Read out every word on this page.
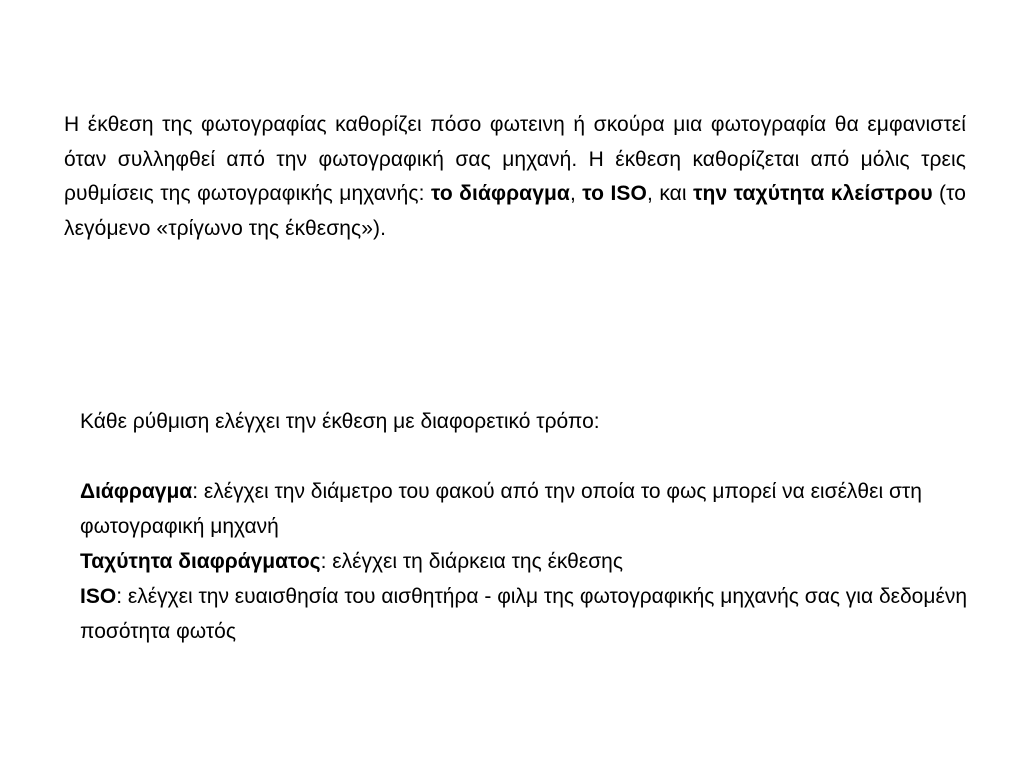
Η έκθεση της φωτογραφίας καθορίζει πόσο φωτεινη ή σκούρα μια φωτογραφία θα εμφανιστεί όταν συλληφθεί από την φωτογραφική σας μηχανή. Η έκθεση καθορίζεται από μόλις τρεις ρυθμίσεις της φωτογραφικής μηχανής: το διάφραγμα, το ISO, και την ταχύτητα κλείστρου (το λεγόμενο «τρίγωνο της έκθεσης»).

Κάθε ρύθμιση ελέγχει την έκθεση με διαφορετικό τρόπο:

Διάφραγμα: ελέγχει την διάμετρο του φακού από την οποία το φως μπορεί να εισέλθει στη φωτογραφική μηχανή

Ταχύτητα διαφράγματος: ελέγχει τη διάρκεια της έκθεσης

ISO: ελέγχει την ευαισθησία του αισθητήρα - φιλμ της φωτογραφικής μηχανής σας για δεδομένη ποσότητα φωτός
